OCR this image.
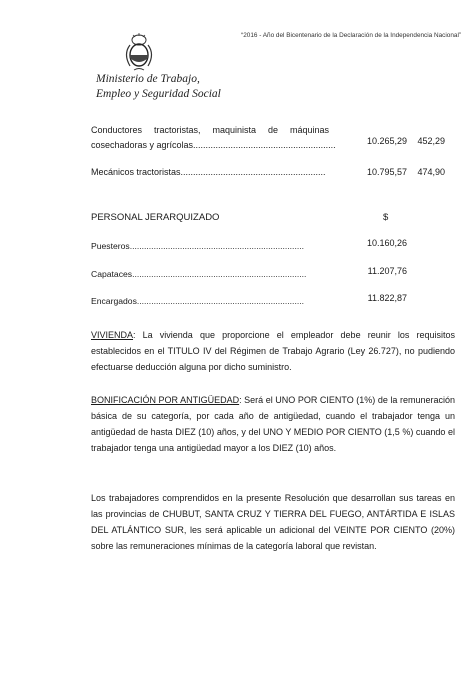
“2016 - Año del Bicentenario de la Declaración de la Independencia Nacional”
Ministerio de Trabajo,
Empleo y Seguridad Social
Conductores tractoristas, maquinista de máquinas
cosechadoras y agrícolas.........................................................	10.265,29 452,29
Mecánicos tractoristas..........................................................	10.795,57 474,90
PERSONAL JERARQUIZADO	$
Puesteros.........................................................................	10.160,26
Capataces.........................................................................	11.207,76
Encargados......................................................................	11.822,87
VIVIENDA: La vivienda que proporcione el empleador debe reunir los requisitos establecidos en el TITULO IV del Régimen de Trabajo Agrario (Ley 26.727), no pudiendo efectuarse deducción alguna por dicho suministro.
BONIFICACIÓN POR ANTIGÜEDAD: Será el UNO POR CIENTO (1%) de la remuneración básica de su categoría, por cada año de antigüedad, cuando el trabajador tenga un antigüedad de hasta DIEZ (10) años, y del UNO Y MEDIO POR CIENTO (1,5 %) cuando el trabajador tenga una antigüedad mayor a los DIEZ (10) años.
Los trabajadores comprendidos en la presente Resolución que desarrollan sus tareas en las provincias de CHUBUT, SANTA CRUZ Y TIERRA DEL FUEGO, ANTÁRTIDA E ISLAS DEL ATLÁNTICO SUR, les será aplicable un adicional del VEINTE POR CIENTO (20%) sobre las remuneraciones mínimas de la categoría laboral que revistan.
